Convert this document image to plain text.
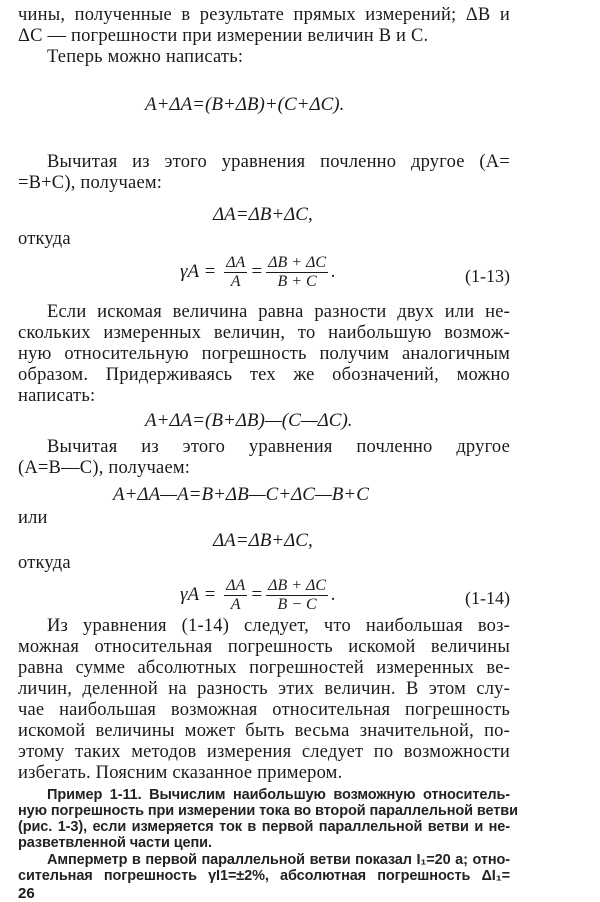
чины, полученные в результате прямых измерений; ΔB и
ΔC — погрешности при измерении величин B и C.
Теперь можно написать:
A+ΔA=(B+ΔB)+(C+ΔC).
Вычитая из этого уравнения почленно другое (A=
=B+C), получаем:
ΔA=ΔB+ΔC,
откуда
$\gamma A = \frac{\Delta A}{A} = \frac{\Delta B + \Delta C}{B + C}$ .	(1-13)
Если искомая величина равна разности двух или не-
скольких измеренных величин, то наибольшую возмож-
ную относительную погрешность получим аналогичным
образом. Придерживаясь тех же обозначений, можно
написать:
A+ΔA=(B+ΔB)—(C—ΔC).
Вычитая из этого уравнения почленно другое
(A=B—C), получаем:
A+ΔA—A=B+ΔB—C+ΔC—B+C
или
ΔA=ΔB+ΔC,
откуда
$\gamma A = \frac{\Delta A}{A} = \frac{\Delta B + \Delta C}{B - C}$ .	(1-14)
Из уравнения (1-14) следует, что наибольшая воз-
можная относительная погрешность искомой величины
равна сумме абсолютных погрешностей измеренных ве-
личин, деленной на разность этих величин. В этом слу-
чае наибольшая возможная относительная погрешность
искомой величины может быть весьма значительной, по-
этому таких методов измерения следует по возможности
избегать. Поясним сказанное примером.
Пример 1-11. Вычислим наибольшую возможную относитель-
ную погрешность при измерении тока во второй параллельной ветви
(рис. 1-3), если измеряется ток в первой параллельной ветви и не-
разветвленной части цепи.
Амперметр в первой параллельной ветви показал I₁=20 а; отно-
сительная погрешность γI1=±2%, абсолютная погрешность ΔI₁=
26
